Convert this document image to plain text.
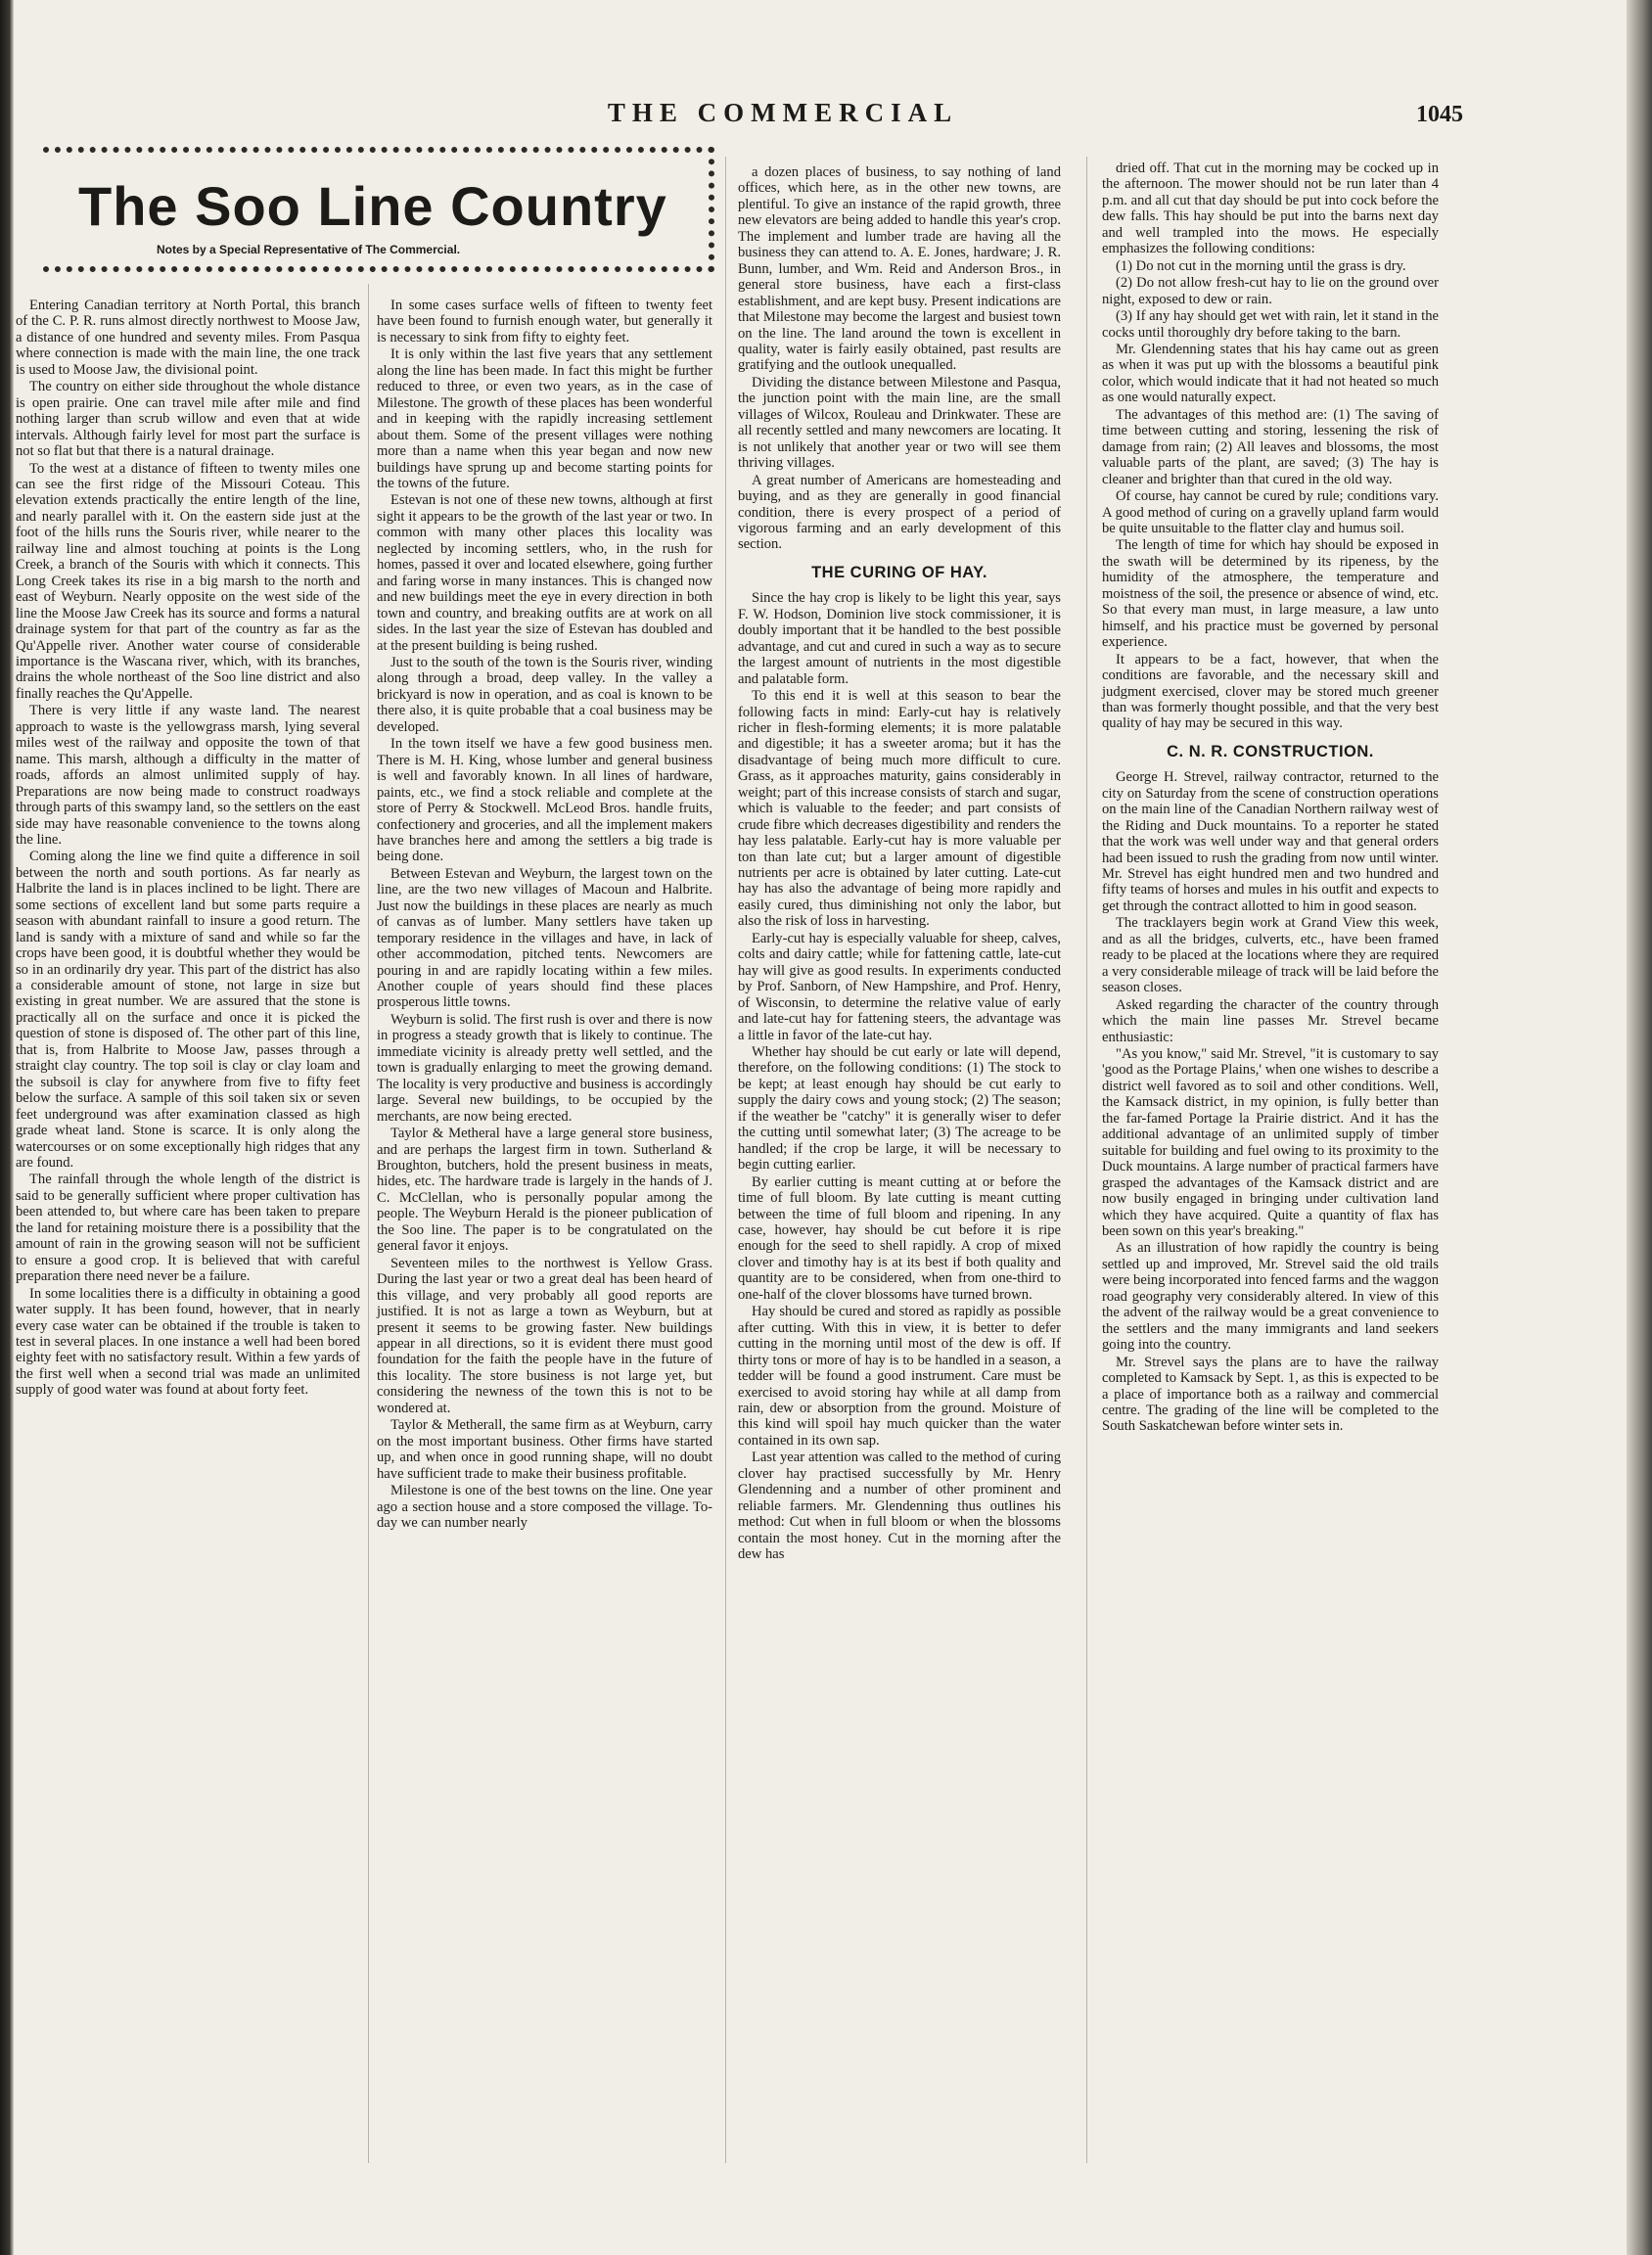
THE COMMERCIAL	1045
The Soo Line Country
Notes by a Special Representative of The Commercial.

Entering Canadian territory at North Portal, this branch of the C. P. R. runs almost directly northwest to Moose Jaw, a distance of one hundred and seventy miles. From Pasqua where connection is made with the main line, the one track is used to Moose Jaw, the divisional point.

The country on either side throughout the whole distance is open prairie. One can travel mile after mile and find nothing larger than scrub willow and even that at wide intervals. Although fairly level for most part the surface is not so flat but that there is a natural drainage.

To the west at a distance of fifteen to twenty miles one can see the first ridge of the Missouri Coteau. This elevation extends practically the entire length of the line, and nearly parallel with it. On the eastern side just at the foot of the hills runs the Souris river, while nearer to the railway line and almost touching at points is the Long Creek, a branch of the Souris with which it connects. This Long Creek takes its rise in a big marsh to the north and east of Weyburn. Nearly opposite on the west side of the line the Moose Jaw Creek has its source and forms a natural drainage system for that part of the country as far as the Qu'Appelle river. Another water course of considerable importance is the Wascana river, which, with its branches, drains the whole northeast of the Soo line district and also finally reaches the Qu'Appelle.

There is very little if any waste land. The nearest approach to waste is the yellowgrass marsh, lying several miles west of the railway and opposite the town of that name. This marsh, although a difficulty in the matter of roads, affords an almost unlimited supply of hay. Preparations are now being made to construct roadways through parts of this swampy land, so the settlers on the east side may have reasonable convenience to the towns along the line.

Coming along the line we find quite a difference in soil between the north and south portions. As far nearly as Halbrite the land is in places inclined to be light. There are some sections of excellent land but some parts require a season with abundant rainfall to insure a good return. The land is sandy with a mixture of sand and while so far the crops have been good, it is doubtful whether they would be so in an ordinarily dry year. This part of the district has also a considerable amount of stone, not large in size but existing in great number. We are assured that the stone is practically all on the surface and once it is picked the question of stone is disposed of. The other part of this line, that is, from Halbrite to Moose Jaw, passes through a straight clay country. The top soil is clay or clay loam and the subsoil is clay for anywhere from five to fifty feet below the surface. A sample of this soil taken six or seven feet underground was after examination classed as high grade wheat land. Stone is scarce. It is only along the watercourses or on some exceptionally high ridges that any are found.

The rainfall through the whole length of the district is said to be generally sufficient where proper cultivation has been attended to, but where care has been taken to prepare the land for retaining moisture there is a possibility that the amount of rain in the growing season will not be sufficient to ensure a good crop. It is believed that with careful preparation there need never be a failure.

In some localities there is a difficulty in obtaining a good water supply. It has been found, however, that in nearly every case water can be obtained if the trouble is taken to test in several places. In one instance a well had been bored eighty feet with no satisfactory result. Within a few yards of the first well when a second trial was made an unlimited supply of good water was found at about forty feet.

In some cases surface wells of fifteen to twenty feet have been found to furnish enough water, but generally it is necessary to sink from fifty to eighty feet.

It is only within the last five years that any settlement along the line has been made. In fact this might be further reduced to three, or even two years, as in the case of Milestone. The growth of these places has been wonderful and in keeping with the rapidly increasing settlement about them. Some of the present villages were nothing more than a name when this year began and now new buildings have sprung up and become starting points for the towns of the future.

Estevan is not one of these new towns, although at first sight it appears to be the growth of the last year or two. In common with many other places this locality was neglected by incoming settlers, who, in the rush for homes, passed it over and located elsewhere, going further and faring worse in many instances. This is changed now and new buildings meet the eye in every direction in both town and country, and breaking outfits are at work on all sides. In the last year the size of Estevan has doubled and at the present building is being rushed.

Just to the south of the town is the Souris river, winding along through a broad, deep valley. In the valley a brickyard is now in operation, and as coal is known to be there also, it is quite probable that a coal business may be developed.

In the town itself we have a few good business men. There is M. H. King, whose lumber and general business is well and favorably known. In all lines of hardware, paints, etc., we find a stock reliable and complete at the store of Perry & Stockwell. McLeod Bros. handle fruits, confectionery and groceries, and all the implement makers have branches here and among the settlers a big trade is being done.

Between Estevan and Weyburn, the largest town on the line, are the two new villages of Macoun and Halbrite. Just now the buildings in these places are nearly as much of canvas as of lumber. Many settlers have taken up temporary residence in the villages and have, in lack of other accommodation, pitched tents. Newcomers are pouring in and are rapidly locating within a few miles. Another couple of years should find these places prosperous little towns.

Weyburn is solid. The first rush is over and there is now in progress a steady growth that is likely to continue. The immediate vicinity is already pretty well settled, and the town is gradually enlarging to meet the growing demand. The locality is very productive and business is accordingly large. Several new buildings, to be occupied by the merchants, are now being erected.

Taylor & Metheral have a large general store business, and are perhaps the largest firm in town. Sutherland & Broughton, butchers, hold the present business in meats, hides, etc. The hardware trade is largely in the hands of J. C. McClellan, who is personally popular among the people. The Weyburn Herald is the pioneer publication of the Soo line. The paper is to be congratulated on the general favor it enjoys.

Seventeen miles to the northwest is Yellow Grass. During the last year or two a great deal has been heard of this village, and very probably all good reports are justified. It is not as large a town as Weyburn, but at present it seems to be growing faster. New buildings appear in all directions, so it is evident there must good foundation for the faith the people have in the future of this locality. The store business is not large yet, but considering the newness of the town this is not to be wondered at.

Taylor & Metherall, the same firm as at Weyburn, carry on the most important business. Other firms have started up, and when once in good running shape, will no doubt have sufficient trade to make their business profitable.

Milestone is one of the best towns on the line. One year ago a section house and a store composed the village. To-day we can number nearly

a dozen places of business, to say nothing of land offices, which here, as in the other new towns, are plentiful. To give an instance of the rapid growth, three new elevators are being added to handle this year's crop. The implement and lumber trade are having all the business they can attend to. A. E. Jones, hardware; J. R. Bunn, lumber, and Wm. Reid and Anderson Bros., in general store business, have each a first-class establishment, and are kept busy. Present indications are that Milestone may become the largest and busiest town on the line. The land around the town is excellent in quality, water is fairly easily obtained, past results are gratifying and the outlook unequalled.

Dividing the distance between Milestone and Pasqua, the junction point with the main line, are the small villages of Wilcox, Rouleau and Drinkwater. These are all recently settled and many newcomers are locating. It is not unlikely that another year or two will see them thriving villages.

A great number of Americans are homesteading and buying, and as they are generally in good financial condition, there is every prospect of a period of vigorous farming and an early development of this section.

THE CURING OF HAY.

Since the hay crop is likely to be light this year, says F. W. Hodson, Dominion live stock commissioner, it is doubly important that it be handled to the best possible advantage, and cut and cured in such a way as to secure the largest amount of nutrients in the most digestible and palatable form.

To this end it is well at this season to bear the following facts in mind: Early-cut hay is relatively richer in flesh-forming elements; it is more palatable and digestible; it has a sweeter aroma; but it has the disadvantage of being much more difficult to cure. Grass, as it approaches maturity, gains considerably in weight; part of this increase consists of starch and sugar, which is valuable to the feeder; and part consists of crude fibre which decreases digestibility and renders the hay less palatable. Early-cut hay is more valuable per ton than late cut; but a larger amount of digestible nutrients per acre is obtained by later cutting. Late-cut hay has also the advantage of being more rapidly and easily cured, thus diminishing not only the labor, but also the risk of loss in harvesting.

Early-cut hay is especially valuable for sheep, calves, colts and dairy cattle; while for fattening cattle, late-cut hay will give as good results. In experiments conducted by Prof. Sanborn, of New Hampshire, and Prof. Henry, of Wisconsin, to determine the relative value of early and late-cut hay for fattening steers, the advantage was a little in favor of the late-cut hay.

Whether hay should be cut early or late will depend, therefore, on the following conditions: (1) The stock to be kept; at least enough hay should be cut early to supply the dairy cows and young stock; (2) The season; if the weather be "catchy" it is generally wiser to defer the cutting until somewhat later; (3) The acreage to be handled; if the crop be large, it will be necessary to begin cutting earlier.

By earlier cutting is meant cutting at or before the time of full bloom. By late cutting is meant cutting between the time of full bloom and ripening. In any case, however, hay should be cut before it is ripe enough for the seed to shell rapidly. A crop of mixed clover and timothy hay is at its best if both quality and quantity are to be considered, when from one-third to one-half of the clover blossoms have turned brown.

Hay should be cured and stored as rapidly as possible after cutting. With this in view, it is better to defer cutting in the morning until most of the dew is off. If thirty tons or more of hay is to be handled in a season, a tedder will be found a good instrument. Care must be exercised to avoid storing hay while at all damp from rain, dew or absorption from the ground. Moisture of this kind will spoil hay much quicker than the water contained in its own sap.

Last year attention was called to the method of curing clover hay practised successfully by Mr. Henry Glendenning and a number of other prominent and reliable farmers. Mr. Glendenning thus outlines his method: Cut when in full bloom or when the blossoms contain the most honey. Cut in the morning after the dew has

dried off. That cut in the morning may be cocked up in the afternoon. The mower should not be run later than 4 p.m. and all cut that day should be put into cock before the dew falls. This hay should be put into the barns next day and well trampled into the mows. He especially emphasizes the following conditions:

(1) Do not cut in the morning until the grass is dry.

(2) Do not allow fresh-cut hay to lie on the ground over night, exposed to dew or rain.

(3) If any hay should get wet with rain, let it stand in the cocks until thoroughly dry before taking to the barn.

Mr. Glendenning states that his hay came out as green as when it was put up with the blossoms a beautiful pink color, which would indicate that it had not heated so much as one would naturally expect.

The advantages of this method are: (1) The saving of time between cutting and storing, lessening the risk of damage from rain; (2) All leaves and blossoms, the most valuable parts of the plant, are saved; (3) The hay is cleaner and brighter than that cured in the old way.

Of course, hay cannot be cured by rule; conditions vary. A good method of curing on a gravelly upland farm would be quite unsuitable to the flatter clay and humus soil.

The length of time for which hay should be exposed in the swath will be determined by its ripeness, by the humidity of the atmosphere, the temperature and moistness of the soil, the presence or absence of wind, etc. So that every man must, in large measure, a law unto himself, and his practice must be governed by personal experience.

It appears to be a fact, however, that when the conditions are favorable, and the necessary skill and judgment exercised, clover may be stored much greener than was formerly thought possible, and that the very best quality of hay may be secured in this way.

C. N. R. CONSTRUCTION.

George H. Strevel, railway contractor, returned to the city on Saturday from the scene of construction operations on the main line of the Canadian Northern railway west of the Riding and Duck mountains. To a reporter he stated that the work was well under way and that general orders had been issued to rush the grading from now until winter. Mr. Strevel has eight hundred men and two hundred and fifty teams of horses and mules in his outfit and expects to get through the contract allotted to him in good season.

The tracklayers begin work at Grand View this week, and as all the bridges, culverts, etc., have been framed ready to be placed at the locations where they are required a very considerable mileage of track will be laid before the season closes.

Asked regarding the character of the country through which the main line passes Mr. Strevel became enthusiastic:

"As you know," said Mr. Strevel, "it is customary to say 'good as the Portage Plains,' when one wishes to describe a district well favored as to soil and other conditions. Well, the Kamsack district, in my opinion, is fully better than the far-famed Portage la Prairie district. And it has the additional advantage of an unlimited supply of timber suitable for building and fuel owing to its proximity to the Duck mountains. A large number of practical farmers have grasped the advantages of the Kamsack district and are now busily engaged in bringing under cultivation land which they have acquired. Quite a quantity of flax has been sown on this year's breaking."

As an illustration of how rapidly the country is being settled up and improved, Mr. Strevel said the old trails were being incorporated into fenced farms and the waggon road geography very considerably altered. In view of this the advent of the railway would be a great convenience to the settlers and the many immigrants and land seekers going into the country.

Mr. Strevel says the plans are to have the railway completed to Kamsack by Sept. 1, as this is expected to be a place of importance both as a railway and commercial centre. The grading of the line will be completed to the South Saskatchewan before winter sets in.
